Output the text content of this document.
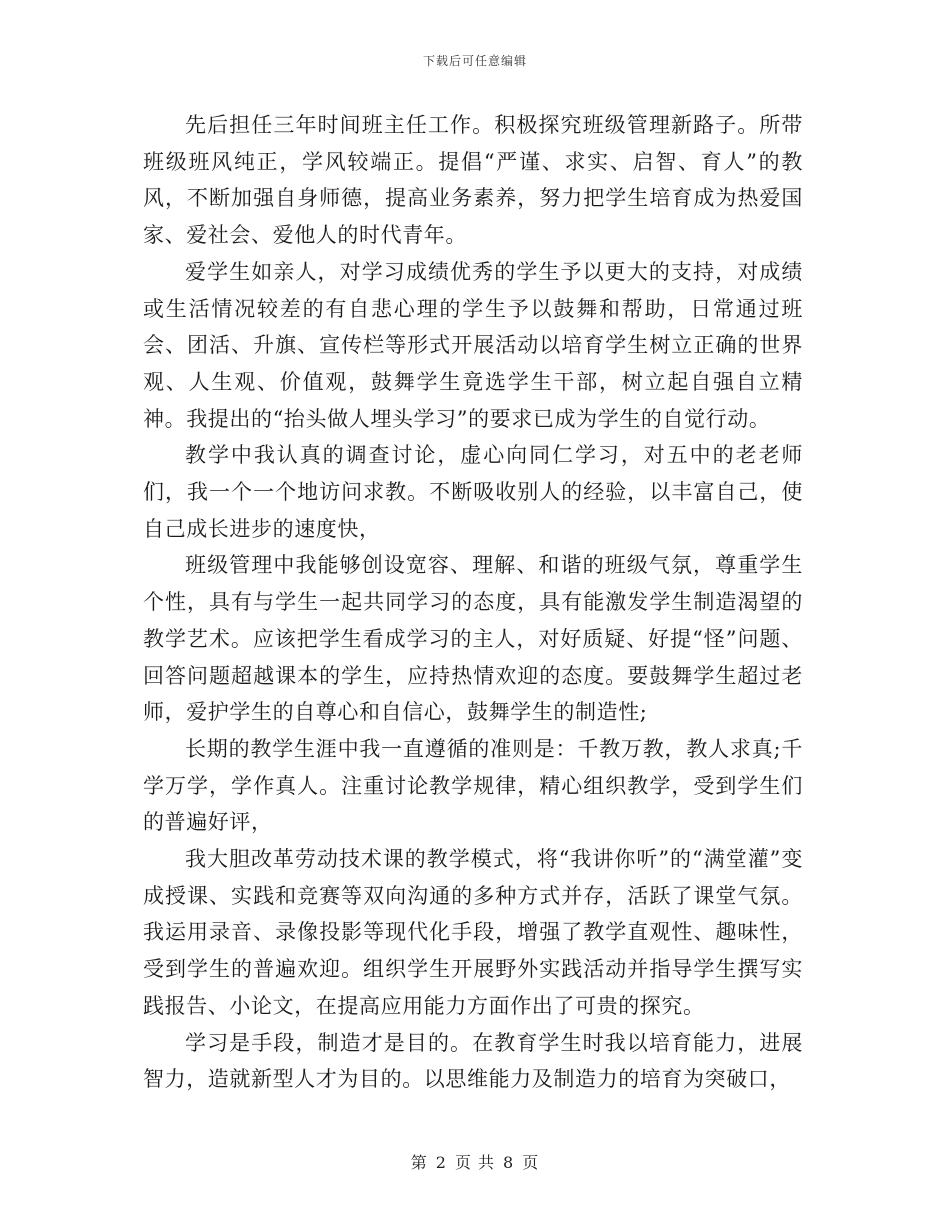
下载后可任意编辑

先后担任三年时间班主任工作。积极探究班级管理新路子。所带班级班风纯正，学风较端正。提倡“严谨、求实、启智、育人”的教风，不断加强自身师德，提高业务素养，努力把学生培育成为热爱国家、爱社会、爱他人的时代青年。

爱学生如亲人，对学习成绩优秀的学生予以更大的支持，对成绩或生活情况较差的有自悲心理的学生予以鼓舞和帮助，日常通过班会、团活、升旗、宣传栏等形式开展活动以培育学生树立正确的世界观、人生观、价值观，鼓舞学生竟选学生干部，树立起自强自立精神。我提出的“抬头做人埋头学习”的要求已成为学生的自觉行动。

教学中我认真的调查讨论，虚心向同仁学习，对五中的老老师们，我一个一个地访问求教。不断吸收别人的经验，以丰富自己，使自己成长进步的速度快，

班级管理中我能够创设宽容、理解、和谐的班级气氛，尊重学生个性，具有与学生一起共同学习的态度，具有能激发学生制造渴望的教学艺术。应该把学生看成学习的主人，对好质疑、好提“怪”问题、回答问题超越课本的学生，应持热情欢迎的态度。要鼓舞学生超过老师，爱护学生的自尊心和自信心，鼓舞学生的制造性;

长期的教学生涯中我一直遵循的准则是：千教万教，教人求真;千学万学，学作真人。注重讨论教学规律，精心组织教学，受到学生们的普遍好评，

我大胆改革劳动技术课的教学模式，将“我讲你听”的“满堂灌”变成授课、实践和竞赛等双向沟通的多种方式并存，活跃了课堂气氛。我运用录音、录像投影等现代化手段，增强了教学直观性、趣味性，受到学生的普遍欢迎。组织学生开展野外实践活动并指导学生撰写实践报告、小论文，在提高应用能力方面作出了可贵的探究。

学习是手段，制造才是目的。在教育学生时我以培育能力，进展智力，造就新型人才为目的。以思维能力及制造力的培育为突破口，

第 2 页 共 8 页
